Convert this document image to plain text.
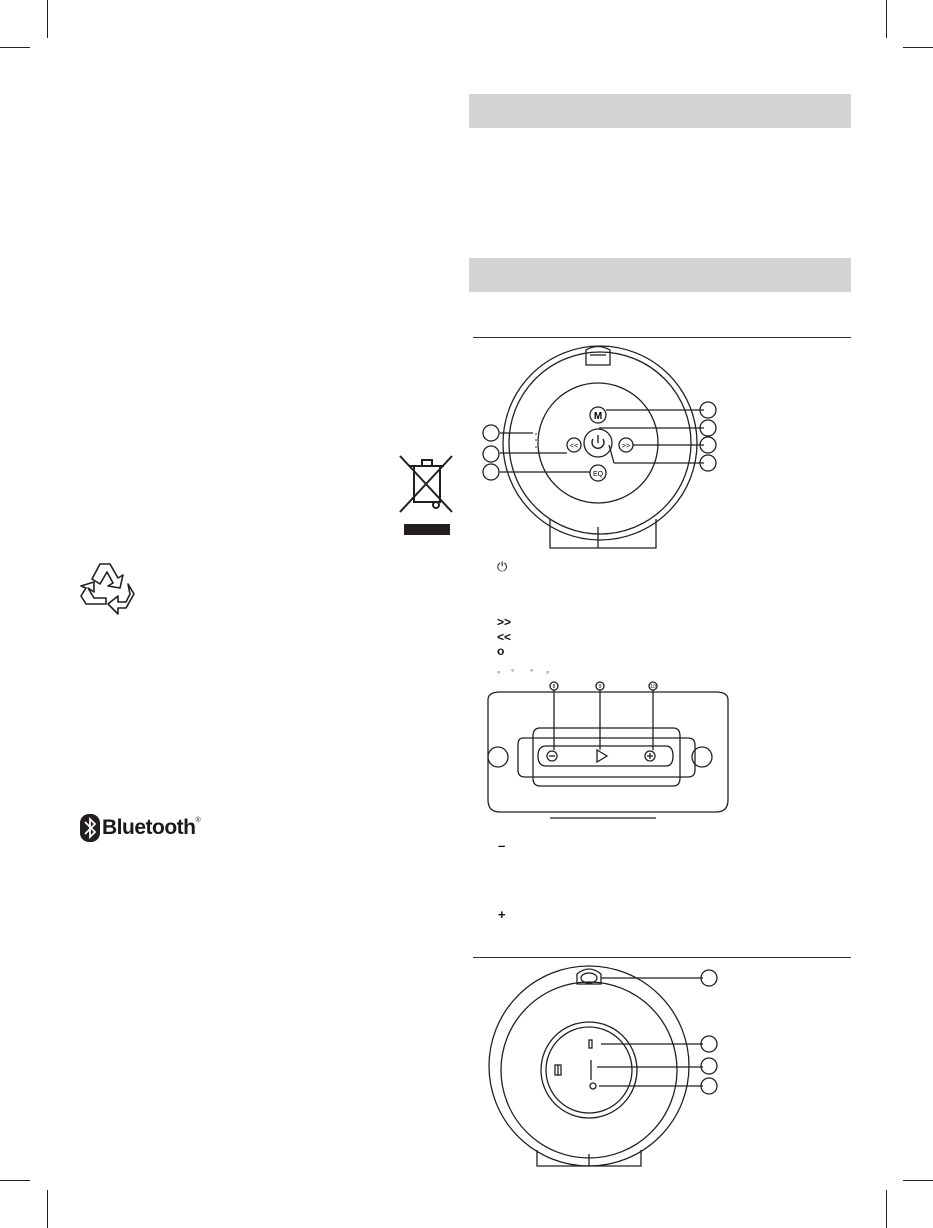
Bluetooth ®
M
<<	>>
EQ
⏻
>>
<<
o
◦ ◦ ◦ ◦
8	9	10
–
+
